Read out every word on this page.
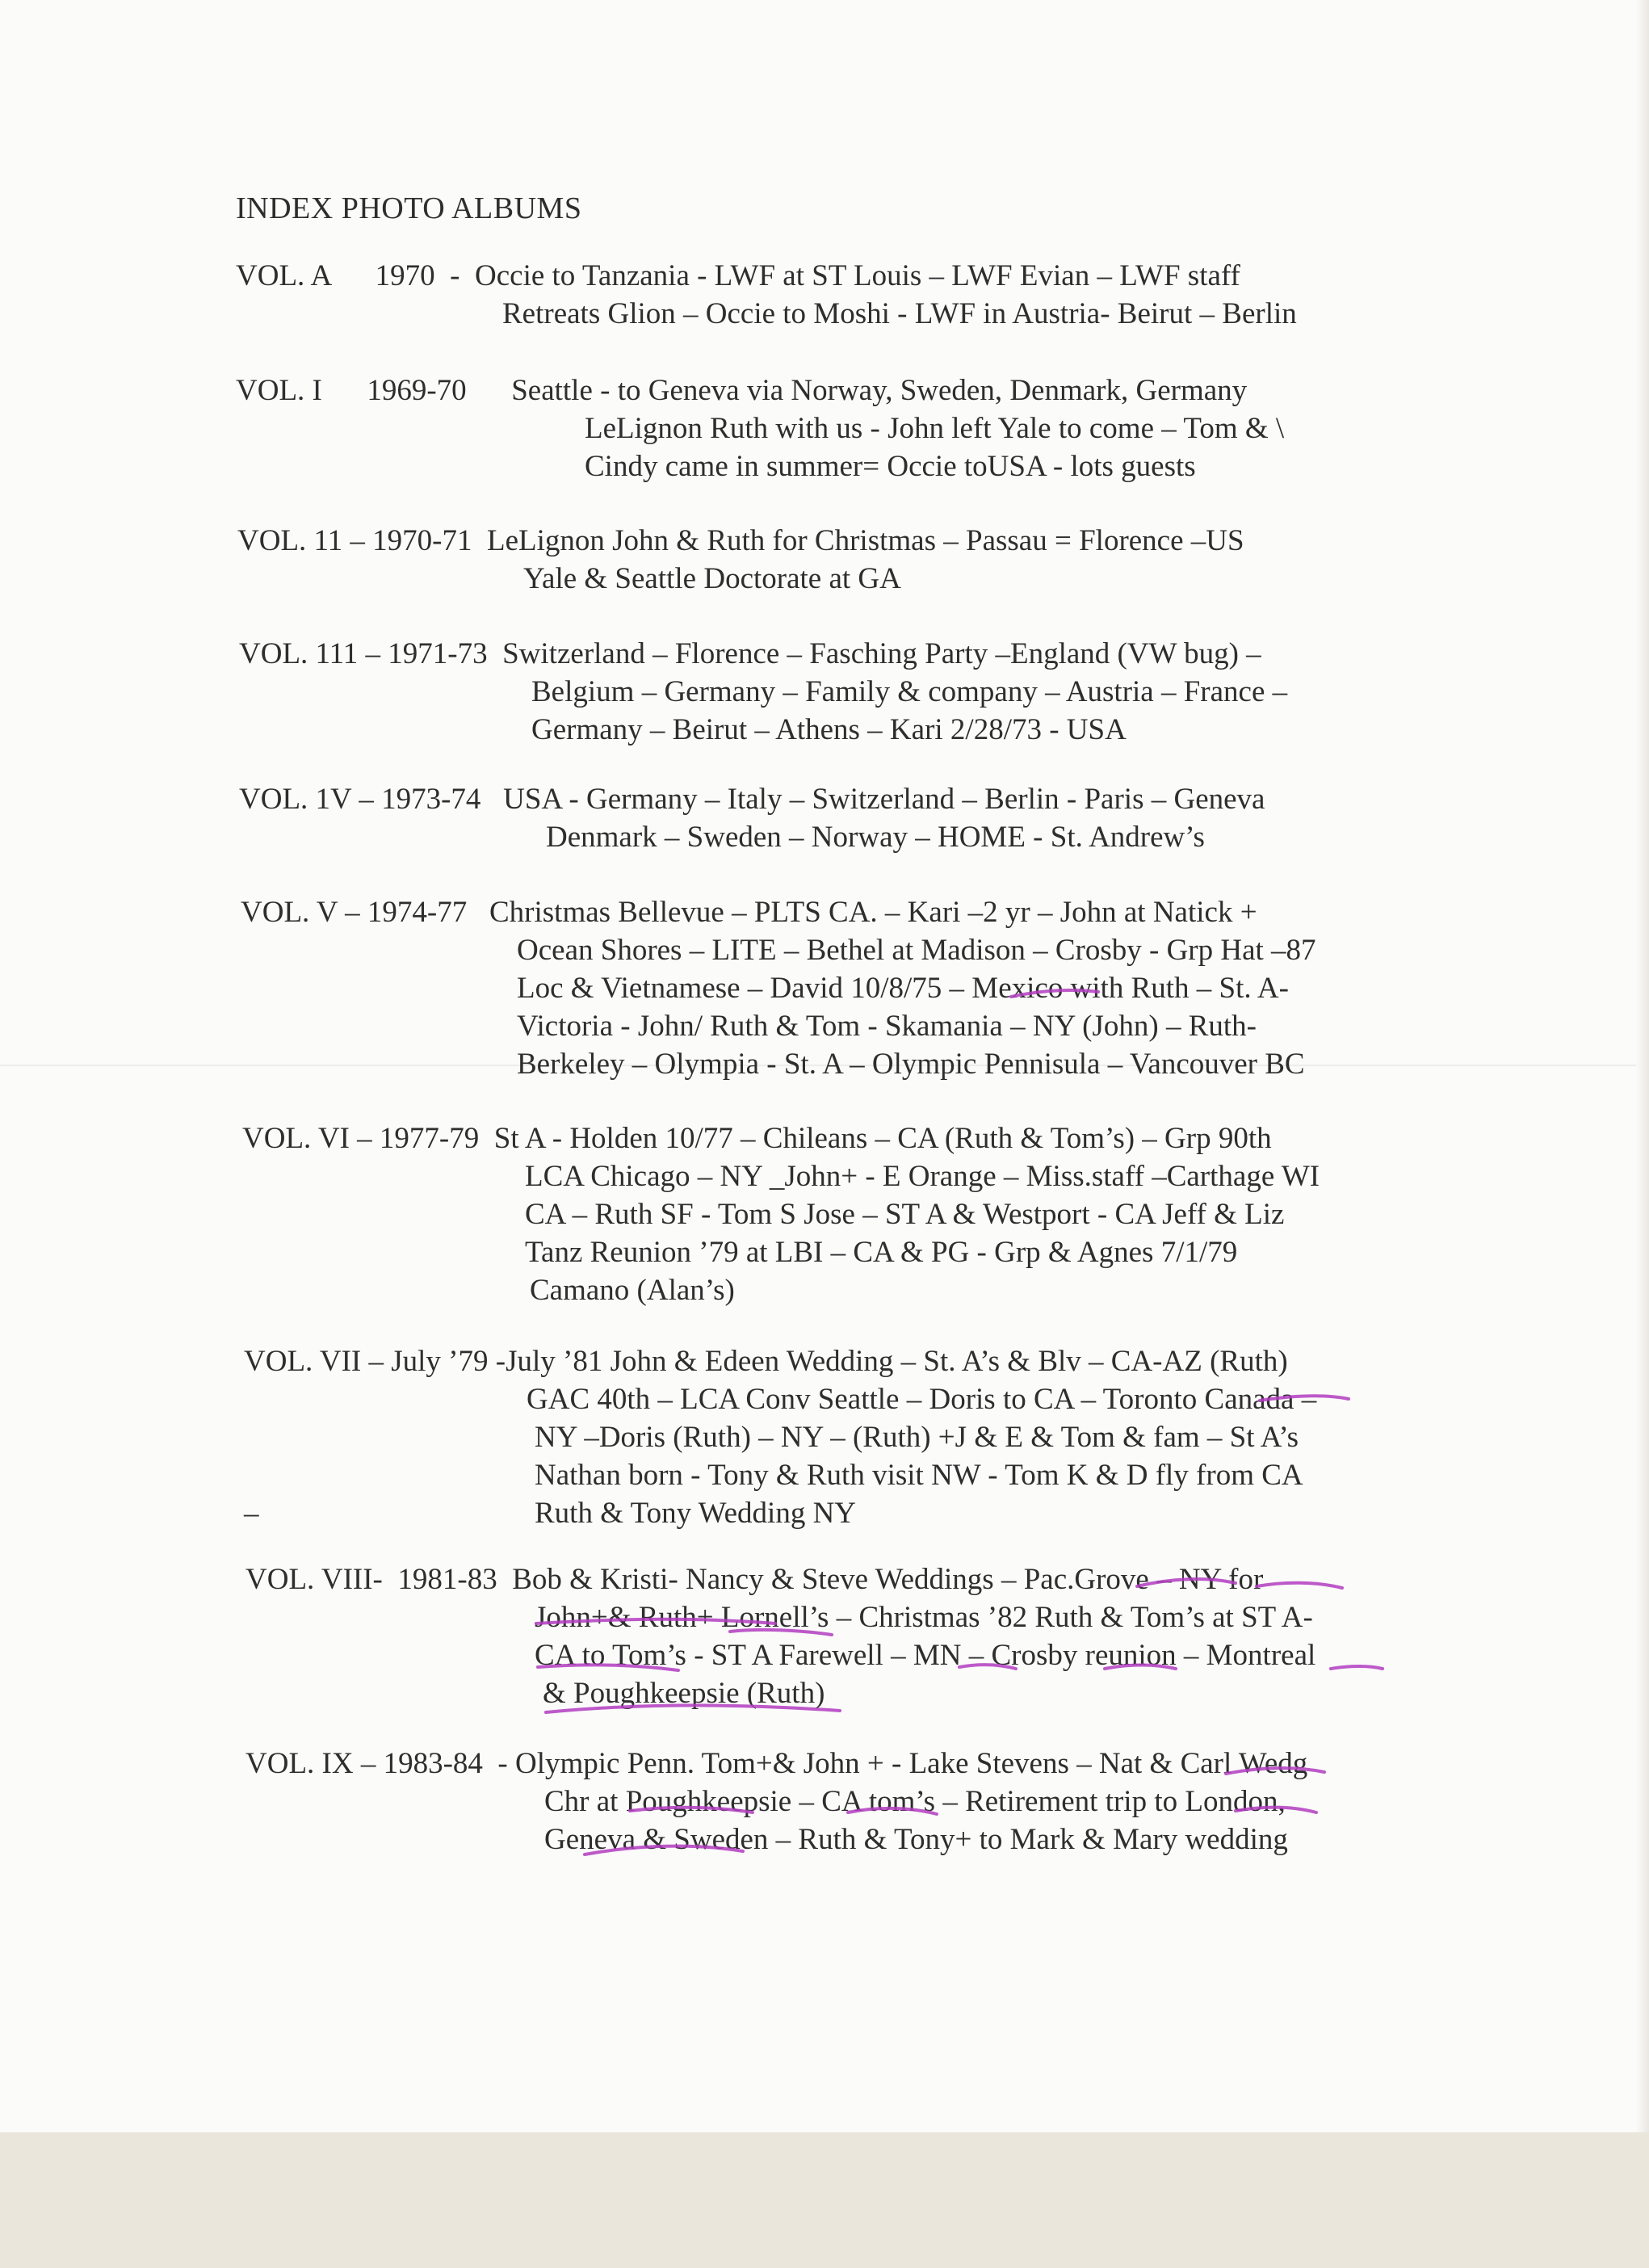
INDEX PHOTO ALBUMS
VOL. A      1970  -  Occie to Tanzania - LWF at ST Louis – LWF Evian – LWF staff
Retreats Glion – Occie to Moshi - LWF in Austria- Beirut – Berlin
VOL. I      1969-70      Seattle - to Geneva via Norway, Sweden, Denmark, Germany
LeLignon Ruth with us - John left Yale to come – Tom & \
Cindy came in summer= Occie toUSA - lots guests
VOL. 11 – 1970-71  LeLignon John & Ruth for Christmas – Passau = Florence –US
Yale & Seattle Doctorate at GA
VOL. 111 – 1971-73  Switzerland – Florence – Fasching Party –England (VW bug) –
Belgium – Germany – Family & company – Austria – France –
Germany – Beirut – Athens – Kari 2/28/73 - USA
VOL. 1V – 1973-74   USA - Germany – Italy – Switzerland – Berlin - Paris – Geneva
Denmark – Sweden – Norway – HOME - St. Andrew’s
VOL. V – 1974-77   Christmas Bellevue – PLTS CA. – Kari –2 yr – John at Natick +
Ocean Shores – LITE – Bethel at Madison – Crosby - Grp Hat –87
Loc & Vietnamese – David 10/8/75 – Mexico with Ruth – St. A-
Victoria - John/ Ruth & Tom - Skamania – NY (John) – Ruth-
Berkeley – Olympia - St. A – Olympic Pennisula – Vancouver BC
VOL. VI – 1977-79  St A - Holden 10/77 – Chileans – CA (Ruth & Tom’s) – Grp 90th
LCA Chicago – NY _John+ - E Orange – Miss.staff –Carthage WI
CA – Ruth SF - Tom S Jose – ST A & Westport - CA Jeff & Liz
Tanz Reunion ’79 at LBI – CA & PG - Grp & Agnes 7/1/79
Camano (Alan’s)
VOL. VII – July ’79 -July ’81 John & Edeen Wedding – St. A’s & Blv – CA-AZ (Ruth)
GAC 40th – LCA Conv Seattle – Doris to CA – Toronto Canada –
NY –Doris (Ruth) – NY – (Ruth) +J & E & Tom & fam – St A’s
Nathan born - Tony & Ruth visit NW - Tom K & D fly from CA
Ruth & Tony Wedding NY
–
VOL. VIII-  1981-83  Bob & Kristi- Nancy & Steve Weddings – Pac.Grove – NY for
John+& Ruth+ Lornell’s – Christmas ’82 Ruth & Tom’s at ST A-
CA to Tom’s - ST A Farewell – MN – Crosby reunion – Montreal
& Poughkeepsie (Ruth)
VOL. IX – 1983-84  - Olympic Penn. Tom+& John + - Lake Stevens – Nat & Carl Wedg
Chr at Poughkeepsie – CA tom’s – Retirement trip to London,
Geneva & Sweden – Ruth & Tony+ to Mark & Mary wedding
